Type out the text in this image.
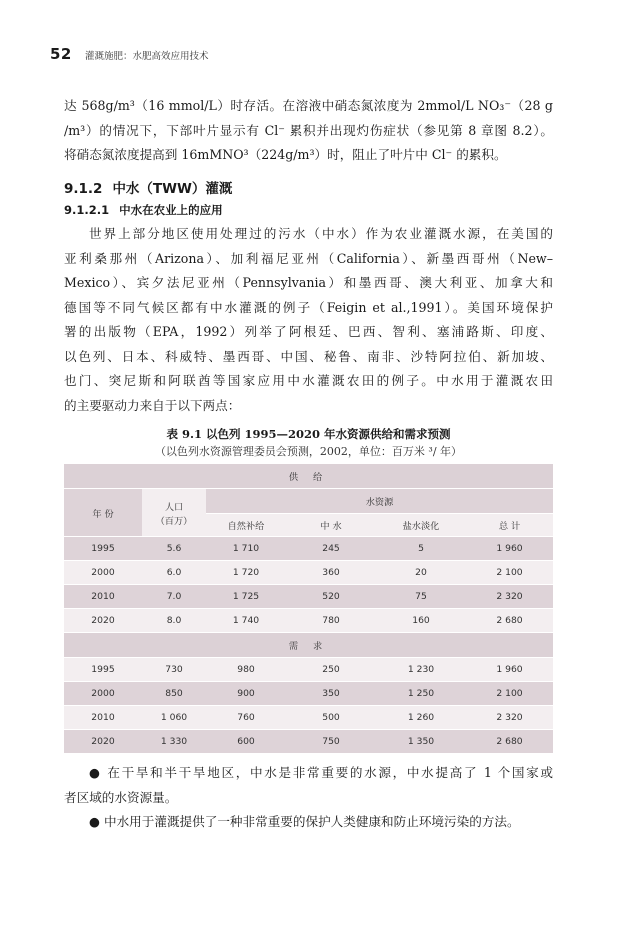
52 灌溉施肥：水肥高效应用技术
达 568g/m³（16 mmol/L）时存活。在溶液中硝态氮浓度为 2mmol/L NO₃⁻（28 g
/m³）的情况下，下部叶片显示有 Cl⁻ 累积并出现灼伤症状（参见第 8 章图 8.2）。
将硝态氮浓度提高到 16mMNO³（224g/m³）时，阻止了叶片中 Cl⁻ 的累积。
9.1.2 中水（TWW）灌溉
9.1.2.1 中水在农业上的应用
世界上部分地区使用处理过的污水（中水）作为农业灌溉水源，在美国的
亚利桑那州（Arizona）、加利福尼亚州（California）、新墨西哥州（New–
Mexico）、宾夕法尼亚州（Pennsylvania）和墨西哥、澳大利亚、加拿大和
德国等不同气候区都有中水灌溉的例子（Feigin et al.,1991）。美国环境保护
署的出版物（EPA，1992）列举了阿根廷、巴西、智利、塞浦路斯、印度、
以色列、日本、科威特、墨西哥、中国、秘鲁、南非、沙特阿拉伯、新加坡、
也门、突尼斯和阿联酋等国家应用中水灌溉农田的例子。中水用于灌溉农田
的主要驱动力来自于以下两点：
表 9.1 以色列 1995—2020 年水资源供给和需求预测
（以色列水资源管理委员会预测，2002，单位：百万米 ³/ 年）
供 给					
年 份	人口
（百万）	水资源			
		自然补给	中 水	盐水淡化	总 计
1995	5.6	1 710	245	5	1 960
2000	6.0	1 720	360	20	2 100
2010	7.0	1 725	520	75	2 320
2020	8.0	1 740	780	160	2 680
需 求					
1995	730	980	250	1 230	1 960
2000	850	900	350	1 250	2 100
2010	1 060	760	500	1 260	2 320
2020	1 330	600	750	1 350	2 680
● 在干旱和半干旱地区，中水是非常重要的水源，中水提高了 1 个国家或
者区域的水资源量。
● 中水用于灌溉提供了一种非常重要的保护人类健康和防止环境污染的方法。
